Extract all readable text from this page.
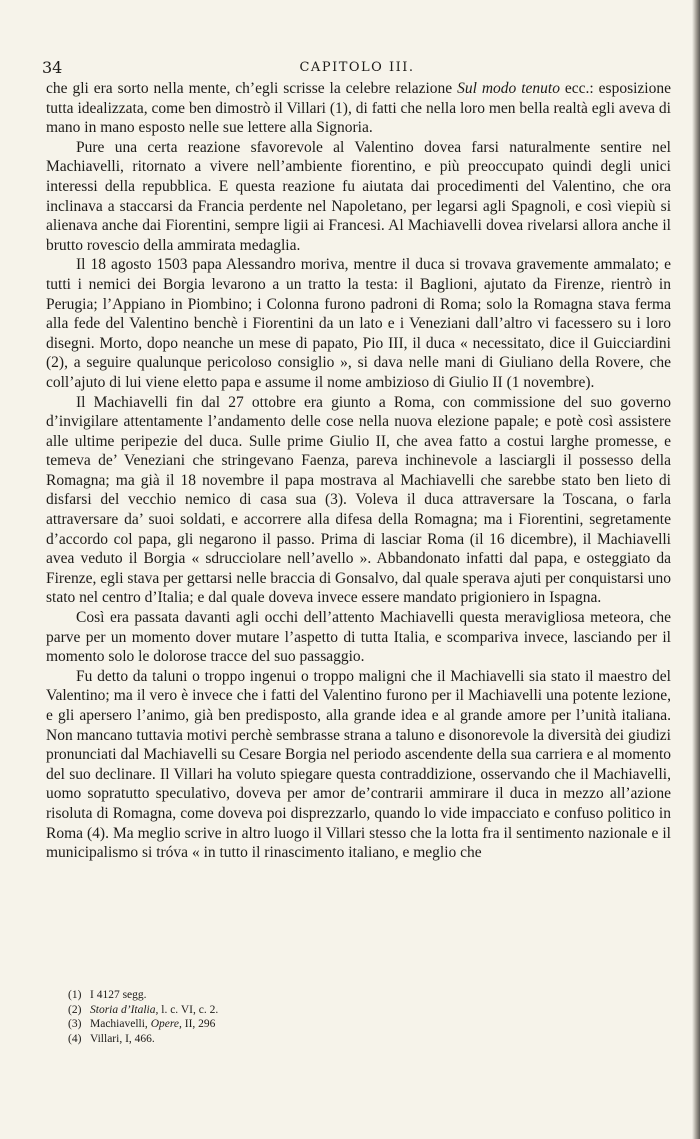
34	CAPITOLO III.

che gli era sorto nella mente, ch’egli scrisse la celebre relazione Sul modo tenuto ecc.: esposizione tutta idealizzata, come ben dimostrò il Villari (1), di fatti che nella loro men bella realtà egli aveva di mano in mano esposto nelle sue lettere alla Signoria.

Pure una certa reazione sfavorevole al Valentino dovea farsi naturalmente sentire nel Machiavelli, ritornato a vivere nell’ambiente fiorentino, e più preoccupato quindi degli unici interessi della repubblica. E questa reazione fu aiutata dai procedimenti del Valentino, che ora inclinava a staccarsi da Francia perdente nel Napoletano, per legarsi agli Spagnoli, e così viepiù si alienava anche dai Fiorentini, sempre ligii ai Francesi. Al Machiavelli dovea rivelarsi allora anche il brutto rovescio della ammirata medaglia.

Il 18 agosto 1503 papa Alessandro moriva, mentre il duca si trovava gravemente ammalato; e tutti i nemici dei Borgia levarono a un tratto la testa: il Baglioni, ajutato da Firenze, rientrò in Perugia; l’Appiano in Piombino; i Colonna furono padroni di Roma; solo la Romagna stava ferma alla fede del Valentino benchè i Fiorentini da un lato e i Veneziani dall’altro vi facessero su i loro disegni. Morto, dopo neanche un mese di papato, Pio III, il duca « necessitato, dice il Guicciardini (2), a seguire qualunque pericoloso consiglio », si dava nelle mani di Giuliano della Rovere, che coll’ajuto di lui viene eletto papa e assume il nome ambizioso di Giulio II (1 novembre).

Il Machiavelli fin dal 27 ottobre era giunto a Roma, con commissione del suo governo d’invigilare attentamente l’andamento delle cose nella nuova elezione papale; e potè così assistere alle ultime peripezie del duca. Sulle prime Giulio II, che avea fatto a costui larghe promesse, e temeva de’ Veneziani che stringevano Faenza, pareva inchinevole a lasciargli il possesso della Romagna; ma già il 18 novembre il papa mostrava al Machiavelli che sarebbe stato ben lieto di disfarsi del vecchio nemico di casa sua (3). Voleva il duca attraversare la Toscana, o farla attraversare da’ suoi soldati, e accorrere alla difesa della Romagna; ma i Fiorentini, segretamente d’accordo col papa, gli negarono il passo. Prima di lasciar Roma (il 16 dicembre), il Machiavelli avea veduto il Borgia « sdrucciolare nell’avello ». Abbandonato infatti dal papa, e osteggiato da Firenze, egli stava per gettarsi nelle braccia di Gonsalvo, dal quale sperava ajuti per conquistarsi uno stato nel centro d’Italia; e dal quale doveva invece essere mandato prigioniero in Ispagna.

Così era passata davanti agli occhi dell’attento Machiavelli questa meravigliosa meteora, che parve per un momento dover mutare l’aspetto di tutta Italia, e scompariva invece, lasciando per il momento solo le dolorose tracce del suo passaggio.

Fu detto da taluni o troppo ingenui o troppo maligni che il Machiavelli sia stato il maestro del Valentino; ma il vero è invece che i fatti del Valentino furono per il Machiavelli una potente lezione, e gli apersero l’animo, già ben predisposto, alla grande idea e al grande amore per l’unità italiana. Non mancano tuttavia motivi perchè sembrasse strana a taluno e disonorevole la diversità dei giudizi pronunciati dal Machiavelli su Cesare Borgia nel periodo ascendente della sua carriera e al momento del suo declinare. Il Villari ha voluto spiegare questa contraddizione, osservando che il Machiavelli, uomo sopratutto speculativo, doveva per amor de’contrarii ammirare il duca in mezzo all’azione risoluta di Romagna, come doveva poi disprezzarlo, quando lo vide impacciato e confuso politico in Roma (4). Ma meglio scrive in altro luogo il Villari stesso che la lotta fra il sentimento nazionale e il municipalismo si tróva « in tutto il rinascimento italiano, e meglio che

(1) I 4127 segg.
(2) Storia d’Italia, l. c. VI, c. 2.
(3) Machiavelli, Opere, II, 296
(4) Villari, I, 466.
